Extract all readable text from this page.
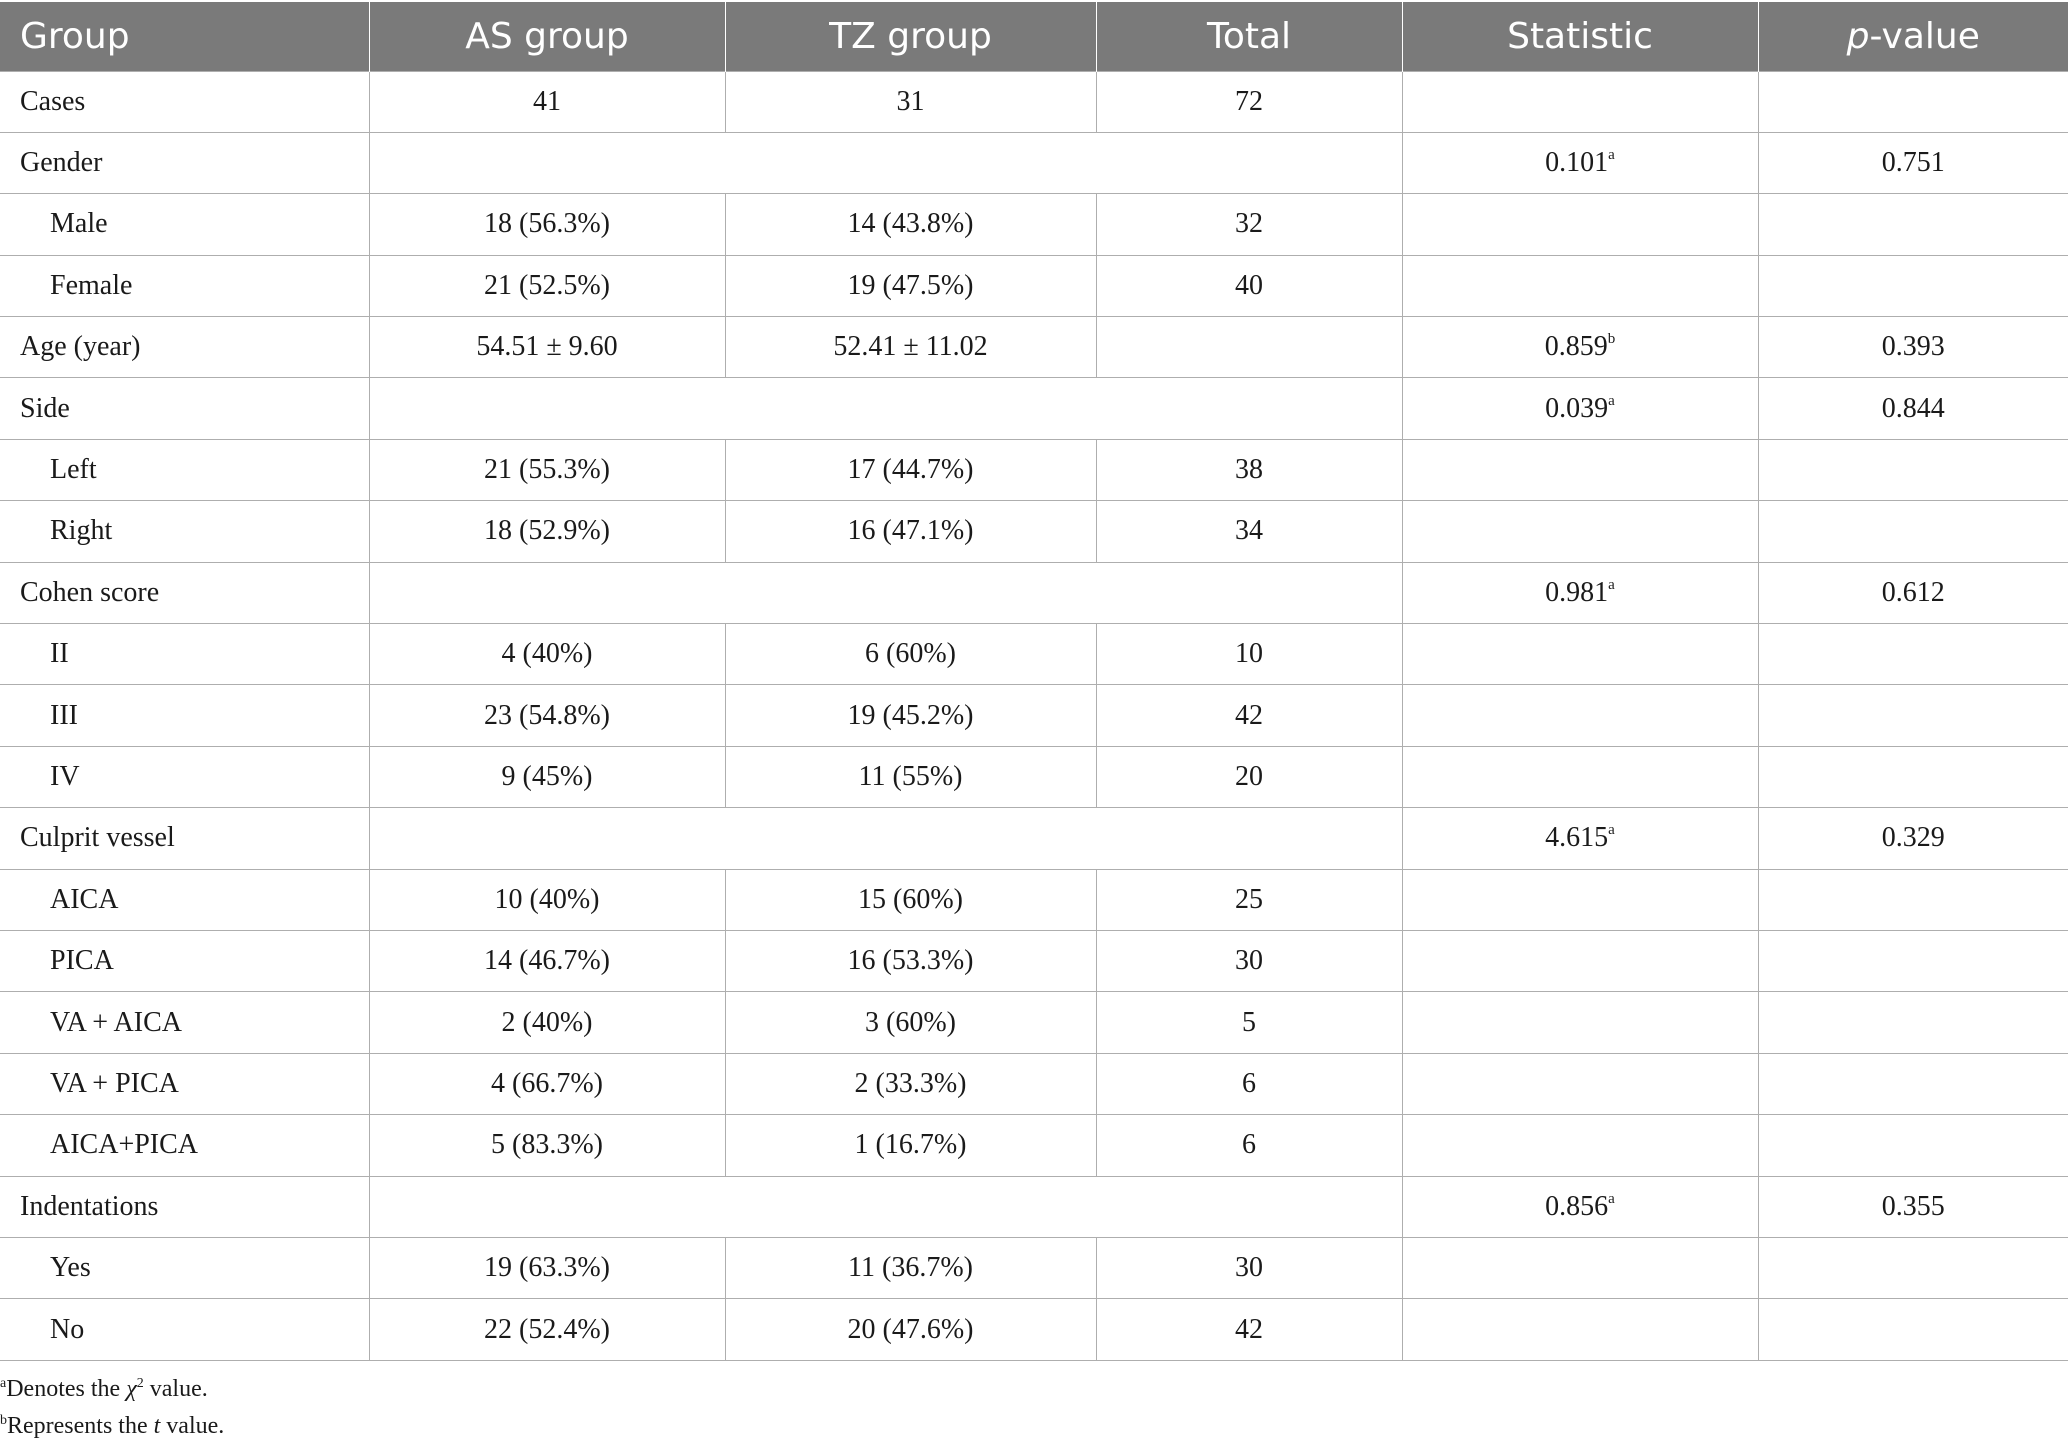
Group	AS group	TZ group	Total	Statistic	p-value
Cases	41	31	72		
Gender				0.101$^a$	0.751
Male	18 (56.3%)	14 (43.8%)	32		
Female	21 (52.5%)	19 (47.5%)	40		
Age (year)	54.51 ± 9.60	52.41 ± 11.02		0.859$^b$	0.393
Side				0.039$^a$	0.844
Left	21 (55.3%)	17 (44.7%)	38		
Right	18 (52.9%)	16 (47.1%)	34		
Cohen score				0.981$^a$	0.612
II	4 (40%)	6 (60%)	10		
III	23 (54.8%)	19 (45.2%)	42		
IV	9 (45%)	11 (55%)	20		
Culprit vessel				4.615$^a$	0.329
AICA	10 (40%)	15 (60%)	25		
PICA	14 (46.7%)	16 (53.3%)	30		
VA + AICA	2 (40%)	3 (60%)	5		
VA + PICA	4 (66.7%)	2 (33.3%)	6		
AICA+PICA	5 (83.3%)	1 (16.7%)	6		
Indentations				0.856$^a$	0.355
Yes	19 (63.3%)	11 (36.7%)	30		
No	22 (52.4%)	20 (47.6%)	42		
$^a$Denotes the $\chi^2$ value.
$^b$Represents the t value.
